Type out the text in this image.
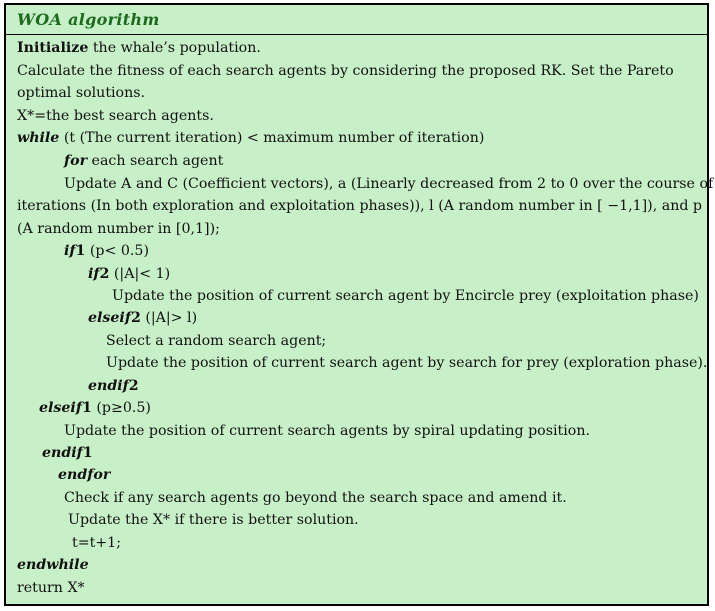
WOA algorithm
Initialize the whale’s population.
Calculate the fitness of each search agents by considering the proposed RK. Set the Pareto
optimal solutions.
X*=the best search agents.
while (t (The current iteration) < maximum number of iteration)
for each search agent
Update A and C (Coefficient vectors), a (Linearly decreased from 2 to 0 over the course of
iterations (In both exploration and exploitation phases)), l (A random number in [ −1,1]), and p
(A random number in [0,1]);
if1 (p< 0.5)
if2 (|A|< 1)
Update the position of current search agent by Encircle prey (exploitation phase)
elseif2 (|A|> l)
Select a random search agent;
Update the position of current search agent by search for prey (exploration phase).
endif2
elseif1 (p≥0.5)
Update the position of current search agents by spiral updating position.
endif1
endfor
Check if any search agents go beyond the search space and amend it.
Update the X* if there is better solution.
t=t+1;
endwhile
return X*
